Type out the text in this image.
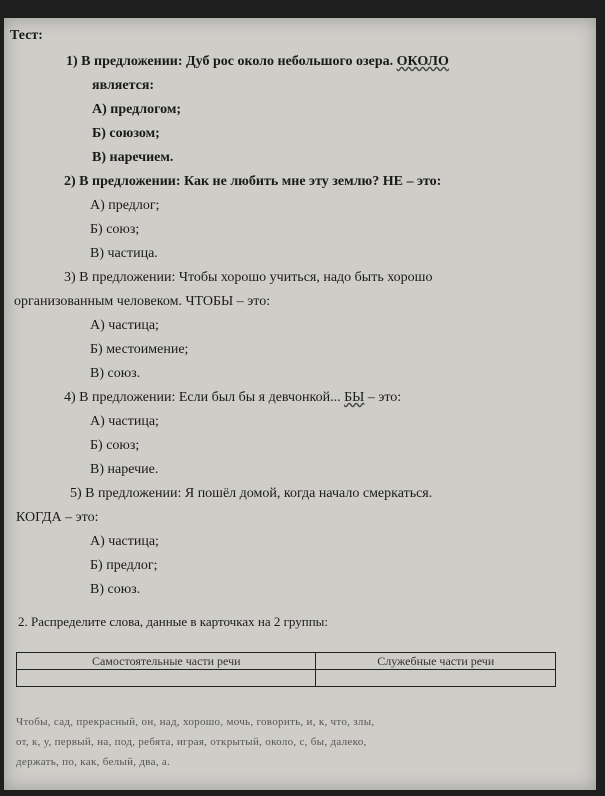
Тест:
1) В предложении: Дуб рос около небольшого озера. ОКОЛО
является:
А) предлогом;
Б) союзом;
В) наречием.
2) В предложении: Как не любить мне эту землю? НЕ – это:
А) предлог;
Б) союз;
В) частица.
3) В предложении: Чтобы хорошо учиться, надо быть хорошо
организованным человеком. ЧТОБЫ – это:
А) частица;
Б) местоимение;
В) союз.
4) В предложении: Если был бы я девчонкой... БЫ – это:
А) частица;
Б) союз;
В) наречие.
5) В предложении: Я пошёл домой, когда начало смеркаться.
КОГДА – это:
А) частица;
Б) предлог;
В) союз.
2. Распределите слова, данные в карточках на 2 группы:
Самостоятельные части речи	Служебные части речи

Чтобы, сад, прекрасный, он, над, хорошо, мочь, говорить, и, к, что, злы,
от, к, у, первый, на, под, ребята, играя, открытый, около, с, бы, далеко,
держать, по, как, белый, два, а.
